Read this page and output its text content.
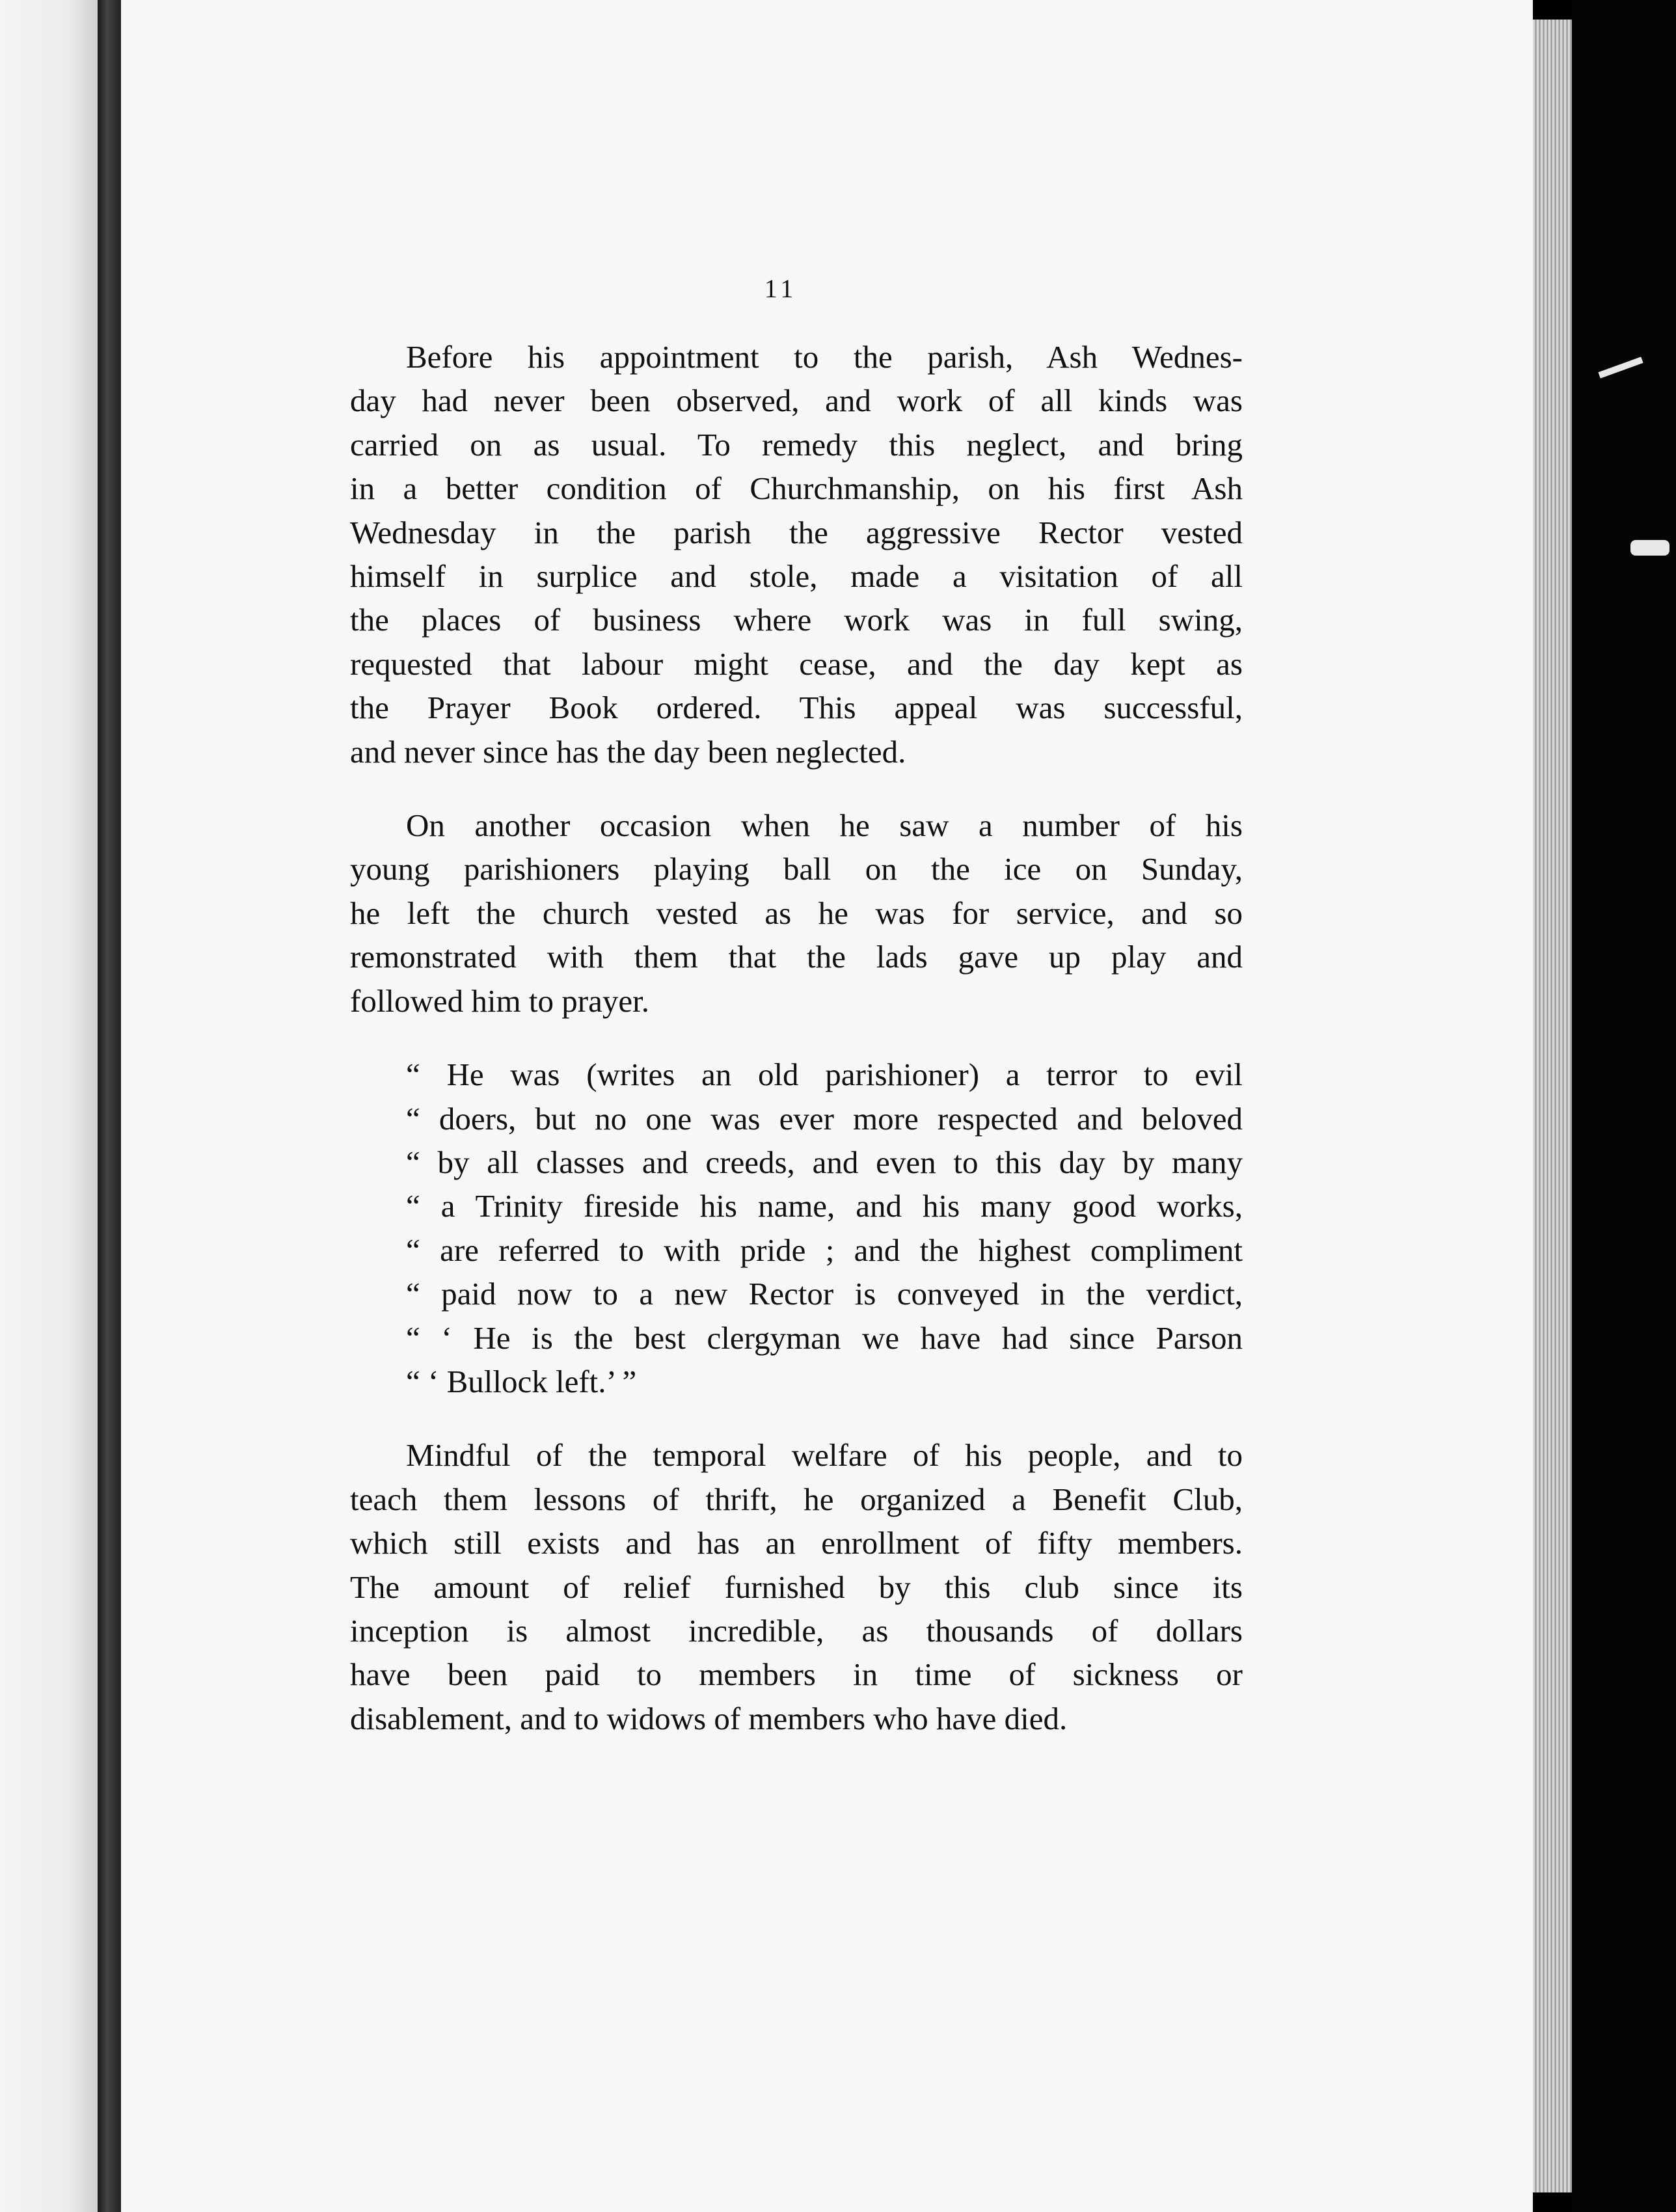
11

Before his appointment to the parish, Ash Wednes-
day had never been observed, and work of all kinds was
carried on as usual. To remedy this neglect, and bring
in a better condition of Churchmanship, on his first Ash
Wednesday in the parish the aggressive Rector vested
himself in surplice and stole, made a visitation of all
the places of business where work was in full swing,
requested that labour might cease, and the day kept as
the Prayer Book ordered. This appeal was successful,
and never since has the day been neglected.

On another occasion when he saw a number of his
young parishioners playing ball on the ice on Sunday,
he left the church vested as he was for service, and so
remonstrated with them that the lads gave up play and
followed him to prayer.

“ He was (writes an old parishioner) a terror to evil
“ doers, but no one was ever more respected and beloved
“ by all classes and creeds, and even to this day by many
“ a Trinity fireside his name, and his many good works,
“ are referred to with pride ; and the highest compliment
“ paid now to a new Rector is conveyed in the verdict,
“ ‘ He is the best clergyman we have had since Parson
“ ‘ Bullock left.’ ”

Mindful of the temporal welfare of his people, and to
teach them lessons of thrift, he organized a Benefit Club,
which still exists and has an enrollment of fifty members.
The amount of relief furnished by this club since its
inception is almost incredible, as thousands of dollars
have been paid to members in time of sickness or
disablement, and to widows of members who have died.
